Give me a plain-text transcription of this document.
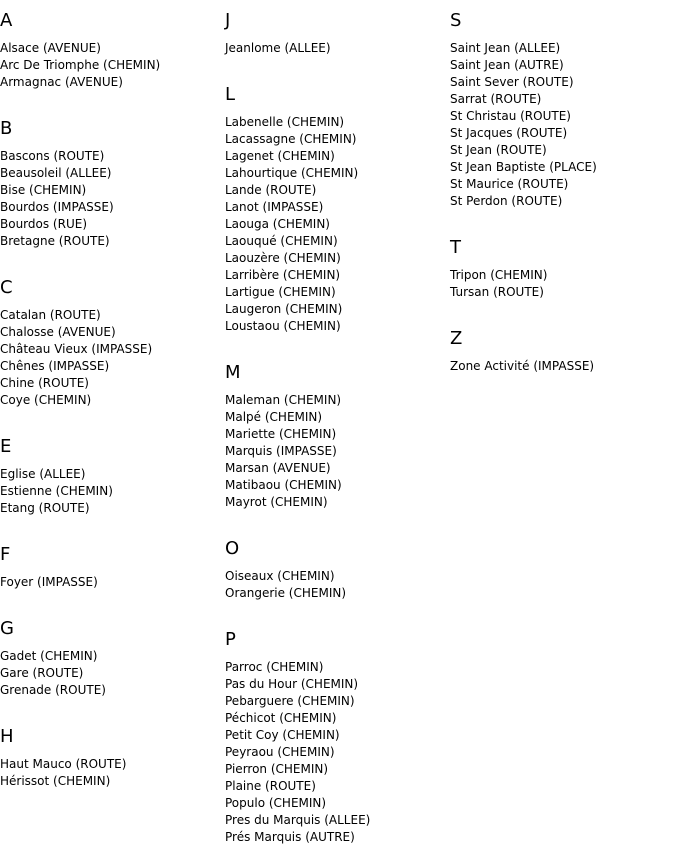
A
Alsace (AVENUE)
Arc De Triomphe (CHEMIN)
Armagnac (AVENUE)
B
Bascons (ROUTE)
Beausoleil (ALLEE)
Bise (CHEMIN)
Bourdos (IMPASSE)
Bourdos (RUE)
Bretagne (ROUTE)
C
Catalan (ROUTE)
Chalosse (AVENUE)
Château Vieux (IMPASSE)
Chênes (IMPASSE)
Chine (ROUTE)
Coye (CHEMIN)
E
Eglise (ALLEE)
Estienne (CHEMIN)
Etang (ROUTE)
F
Foyer (IMPASSE)
G
Gadet (CHEMIN)
Gare (ROUTE)
Grenade (ROUTE)
H
Haut Mauco (ROUTE)
Hérissot (CHEMIN)
J
Jeanlome (ALLEE)
L
Labenelle (CHEMIN)
Lacassagne (CHEMIN)
Lagenet (CHEMIN)
Lahourtique (CHEMIN)
Lande (ROUTE)
Lanot (IMPASSE)
Laouga (CHEMIN)
Laouqué (CHEMIN)
Laouzère (CHEMIN)
Larribère (CHEMIN)
Lartigue (CHEMIN)
Laugeron (CHEMIN)
Loustaou (CHEMIN)
M
Maleman (CHEMIN)
Malpé (CHEMIN)
Mariette (CHEMIN)
Marquis (IMPASSE)
Marsan (AVENUE)
Matibaou (CHEMIN)
Mayrot (CHEMIN)
O
Oiseaux (CHEMIN)
Orangerie (CHEMIN)
P
Parroc (CHEMIN)
Pas du Hour (CHEMIN)
Pebarguere (CHEMIN)
Péchicot (CHEMIN)
Petit Coy (CHEMIN)
Peyraou (CHEMIN)
Pierron (CHEMIN)
Plaine (ROUTE)
Populo (CHEMIN)
Pres du Marquis (ALLEE)
Prés Marquis (AUTRE)
S
Saint Jean (ALLEE)
Saint Jean (AUTRE)
Saint Sever (ROUTE)
Sarrat (ROUTE)
St Christau (ROUTE)
St Jacques (ROUTE)
St Jean (ROUTE)
St Jean Baptiste (PLACE)
St Maurice (ROUTE)
St Perdon (ROUTE)
T
Tripon (CHEMIN)
Tursan (ROUTE)
Z
Zone Activité (IMPASSE)
